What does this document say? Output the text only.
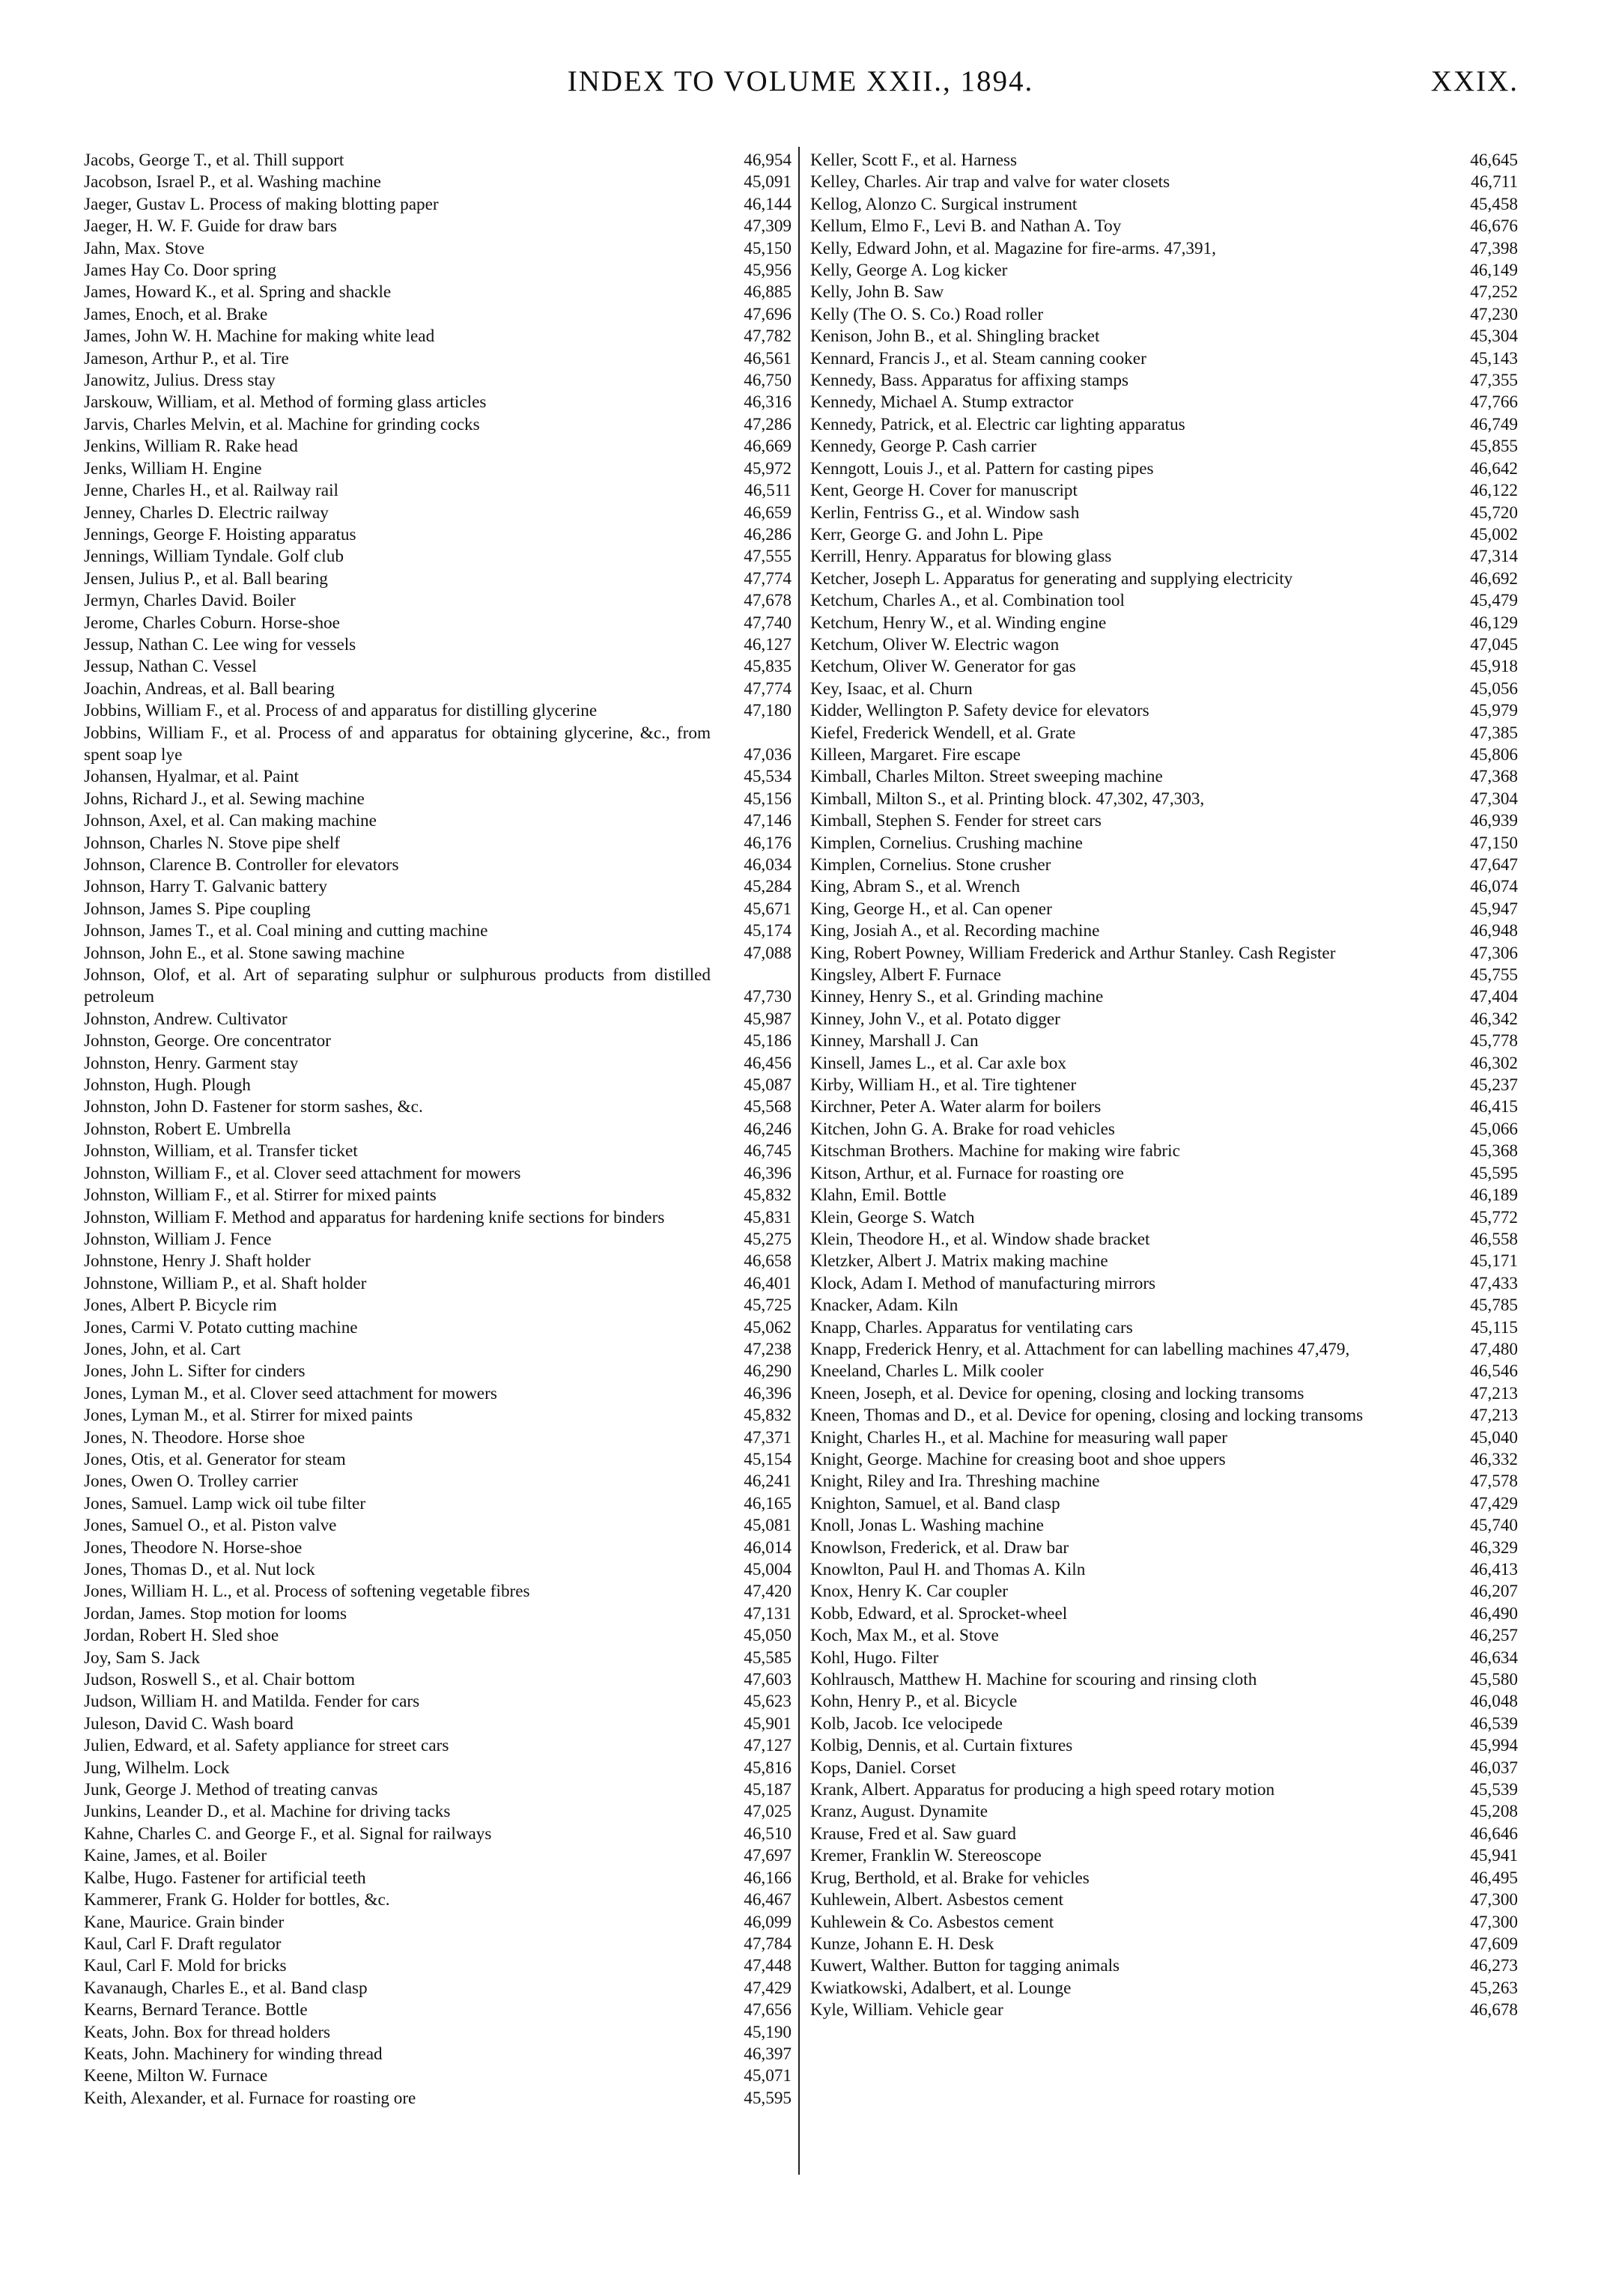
INDEX TO VOLUME XXII., 1894.	XXIX.
Jacobs, George T., et al. Thill support	46,954
Jacobson, Israel P., et al. Washing machine	45,091
Jaeger, Gustav L. Process of making blotting paper	46,144
Jaeger, H. W. F. Guide for draw bars	47,309
Jahn, Max. Stove	45,150
James Hay Co. Door spring	45,956
James, Howard K., et al. Spring and shackle	46,885
James, Enoch, et al. Brake	47,696
James, John W. H. Machine for making white lead	47,782
Jameson, Arthur P., et al. Tire	46,561
Janowitz, Julius. Dress stay	46,750
Jarskouw, William, et al. Method of forming glass articles	46,316
Jarvis, Charles Melvin, et al. Machine for grinding cocks	47,286
Jenkins, William R. Rake head	46,669
Jenks, William H. Engine	45,972
Jenne, Charles H., et al. Railway rail	46,511
Jenney, Charles D. Electric railway	46,659
Jennings, George F. Hoisting apparatus	46,286
Jennings, William Tyndale. Golf club	47,555
Jensen, Julius P., et al. Ball bearing	47,774
Jermyn, Charles David. Boiler	47,678
Jerome, Charles Coburn. Horse-shoe	47,740
Jessup, Nathan C. Lee wing for vessels	46,127
Jessup, Nathan C. Vessel	45,835
Joachin, Andreas, et al. Ball bearing	47,774
Jobbins, William F., et al. Process of and apparatus for distilling glycerine	47,180
Jobbins, William F., et al. Process of and apparatus for obtaining glycerine, &c., from spent soap lye	47,036
Johansen, Hyalmar, et al. Paint	45,534
Johns, Richard J., et al. Sewing machine	45,156
Johnson, Axel, et al. Can making machine	47,146
Johnson, Charles N. Stove pipe shelf	46,176
Johnson, Clarence B. Controller for elevators	46,034
Johnson, Harry T. Galvanic battery	45,284
Johnson, James S. Pipe coupling	45,671
Johnson, James T., et al. Coal mining and cutting machine	45,174
Johnson, John E., et al. Stone sawing machine	47,088
Johnson, Olof, et al. Art of separating sulphur or sulphurous products from distilled petroleum	47,730
Johnston, Andrew. Cultivator	45,987
Johnston, George. Ore concentrator	45,186
Johnston, Henry. Garment stay	46,456
Johnston, Hugh. Plough	45,087
Johnston, John D. Fastener for storm sashes, &c.	45,568
Johnston, Robert E. Umbrella	46,246
Johnston, William, et al. Transfer ticket	46,745
Johnston, William F., et al. Clover seed attachment for mowers	46,396
Johnston, William F., et al. Stirrer for mixed paints	45,832
Johnston, William F. Method and apparatus for hardening knife sections for binders	45,831
Johnston, William J. Fence	45,275
Johnstone, Henry J. Shaft holder	46,658
Johnstone, William P., et al. Shaft holder	46,401
Jones, Albert P. Bicycle rim	45,725
Jones, Carmi V. Potato cutting machine	45,062
Jones, John, et al. Cart	47,238
Jones, John L. Sifter for cinders	46,290
Jones, Lyman M., et al. Clover seed attachment for mowers	46,396
Jones, Lyman M., et al. Stirrer for mixed paints	45,832
Jones, N. Theodore. Horse shoe	47,371
Jones, Otis, et al. Generator for steam	45,154
Jones, Owen O. Trolley carrier	46,241
Jones, Samuel. Lamp wick oil tube filter	46,165
Jones, Samuel O., et al. Piston valve	45,081
Jones, Theodore N. Horse-shoe	46,014
Jones, Thomas D., et al. Nut lock	45,004
Jones, William H. L., et al. Process of softening vegetable fibres	47,420
Jordan, James. Stop motion for looms	47,131
Jordan, Robert H. Sled shoe	45,050
Joy, Sam S. Jack	45,585
Judson, Roswell S., et al. Chair bottom	47,603
Judson, William H. and Matilda. Fender for cars	45,623
Juleson, David C. Wash board	45,901
Julien, Edward, et al. Safety appliance for street cars	47,127
Jung, Wilhelm. Lock	45,816
Junk, George J. Method of treating canvas	45,187
Junkins, Leander D., et al. Machine for driving tacks	47,025
Kahne, Charles C. and George F., et al. Signal for railways	46,510
Kaine, James, et al. Boiler	47,697
Kalbe, Hugo. Fastener for artificial teeth	46,166
Kammerer, Frank G. Holder for bottles, &c.	46,467
Kane, Maurice. Grain binder	46,099
Kaul, Carl F. Draft regulator	47,784
Kaul, Carl F. Mold for bricks	47,448
Kavanaugh, Charles E., et al. Band clasp	47,429
Kearns, Bernard Terance. Bottle	47,656
Keats, John. Box for thread holders	45,190
Keats, John. Machinery for winding thread	46,397
Keene, Milton W. Furnace	45,071
Keith, Alexander, et al. Furnace for roasting ore	45,595
Keller, Scott F., et al. Harness	46,645
Kelley, Charles. Air trap and valve for water closets	46,711
Kellog, Alonzo C. Surgical instrument	45,458
Kellum, Elmo F., Levi B. and Nathan A. Toy	46,676
Kelly, Edward John, et al. Magazine for fire-arms. 47,391,	47,398
Kelly, George A. Log kicker	46,149
Kelly, John B. Saw	47,252
Kelly (The O. S. Co.) Road roller	47,230
Kenison, John B., et al. Shingling bracket	45,304
Kennard, Francis J., et al. Steam canning cooker	45,143
Kennedy, Bass. Apparatus for affixing stamps	47,355
Kennedy, Michael A. Stump extractor	47,766
Kennedy, Patrick, et al. Electric car lighting apparatus	46,749
Kennedy, George P. Cash carrier	45,855
Kenngott, Louis J., et al. Pattern for casting pipes	46,642
Kent, George H. Cover for manuscript	46,122
Kerlin, Fentriss G., et al. Window sash	45,720
Kerr, George G. and John L. Pipe	45,002
Kerrill, Henry. Apparatus for blowing glass	47,314
Ketcher, Joseph L. Apparatus for generating and supplying electricity	46,692
Ketchum, Charles A., et al. Combination tool	45,479
Ketchum, Henry W., et al. Winding engine	46,129
Ketchum, Oliver W. Electric wagon	47,045
Ketchum, Oliver W. Generator for gas	45,918
Key, Isaac, et al. Churn	45,056
Kidder, Wellington P. Safety device for elevators	45,979
Kiefel, Frederick Wendell, et al. Grate	47,385
Killeen, Margaret. Fire escape	45,806
Kimball, Charles Milton. Street sweeping machine	47,368
Kimball, Milton S., et al. Printing block. 47,302, 47,303,	47,304
Kimball, Stephen S. Fender for street cars	46,939
Kimplen, Cornelius. Crushing machine	47,150
Kimplen, Cornelius. Stone crusher	47,647
King, Abram S., et al. Wrench	46,074
King, George H., et al. Can opener	45,947
King, Josiah A., et al. Recording machine	46,948
King, Robert Powney, William Frederick and Arthur Stanley. Cash Register	47,306
Kingsley, Albert F. Furnace	45,755
Kinney, Henry S., et al. Grinding machine	47,404
Kinney, John V., et al. Potato digger	46,342
Kinney, Marshall J. Can	45,778
Kinsell, James L., et al. Car axle box	46,302
Kirby, William H., et al. Tire tightener	45,237
Kirchner, Peter A. Water alarm for boilers	46,415
Kitchen, John G. A. Brake for road vehicles	45,066
Kitschman Brothers. Machine for making wire fabric	45,368
Kitson, Arthur, et al. Furnace for roasting ore	45,595
Klahn, Emil. Bottle	46,189
Klein, George S. Watch	45,772
Klein, Theodore H., et al. Window shade bracket	46,558
Kletzker, Albert J. Matrix making machine	45,171
Klock, Adam I. Method of manufacturing mirrors	47,433
Knacker, Adam. Kiln	45,785
Knapp, Charles. Apparatus for ventilating cars	45,115
Knapp, Frederick Henry, et al. Attachment for can labelling machines 47,479,	47,480
Kneeland, Charles L. Milk cooler	46,546
Kneen, Joseph, et al. Device for opening, closing and locking transoms	47,213
Kneen, Thomas and D., et al. Device for opening, closing and locking transoms	47,213
Knight, Charles H., et al. Machine for measuring wall paper	45,040
Knight, George. Machine for creasing boot and shoe uppers	46,332
Knight, Riley and Ira. Threshing machine	47,578
Knighton, Samuel, et al. Band clasp	47,429
Knoll, Jonas L. Washing machine	45,740
Knowlson, Frederick, et al. Draw bar	46,329
Knowlton, Paul H. and Thomas A. Kiln	46,413
Knox, Henry K. Car coupler	46,207
Kobb, Edward, et al. Sprocket-wheel	46,490
Koch, Max M., et al. Stove	46,257
Kohl, Hugo. Filter	46,634
Kohlrausch, Matthew H. Machine for scouring and rinsing cloth	45,580
Kohn, Henry P., et al. Bicycle	46,048
Kolb, Jacob. Ice velocipede	46,539
Kolbig, Dennis, et al. Curtain fixtures	45,994
Kops, Daniel. Corset	46,037
Krank, Albert. Apparatus for producing a high speed rotary motion	45,539
Kranz, August. Dynamite	45,208
Krause, Fred et al. Saw guard	46,646
Kremer, Franklin W. Stereoscope	45,941
Krug, Berthold, et al. Brake for vehicles	46,495
Kuhlewein, Albert. Asbestos cement	47,300
Kuhlewein & Co. Asbestos cement	47,300
Kunze, Johann E. H. Desk	47,609
Kuwert, Walther. Button for tagging animals	46,273
Kwiatkowski, Adalbert, et al. Lounge	45,263
Kyle, William. Vehicle gear	46,678
